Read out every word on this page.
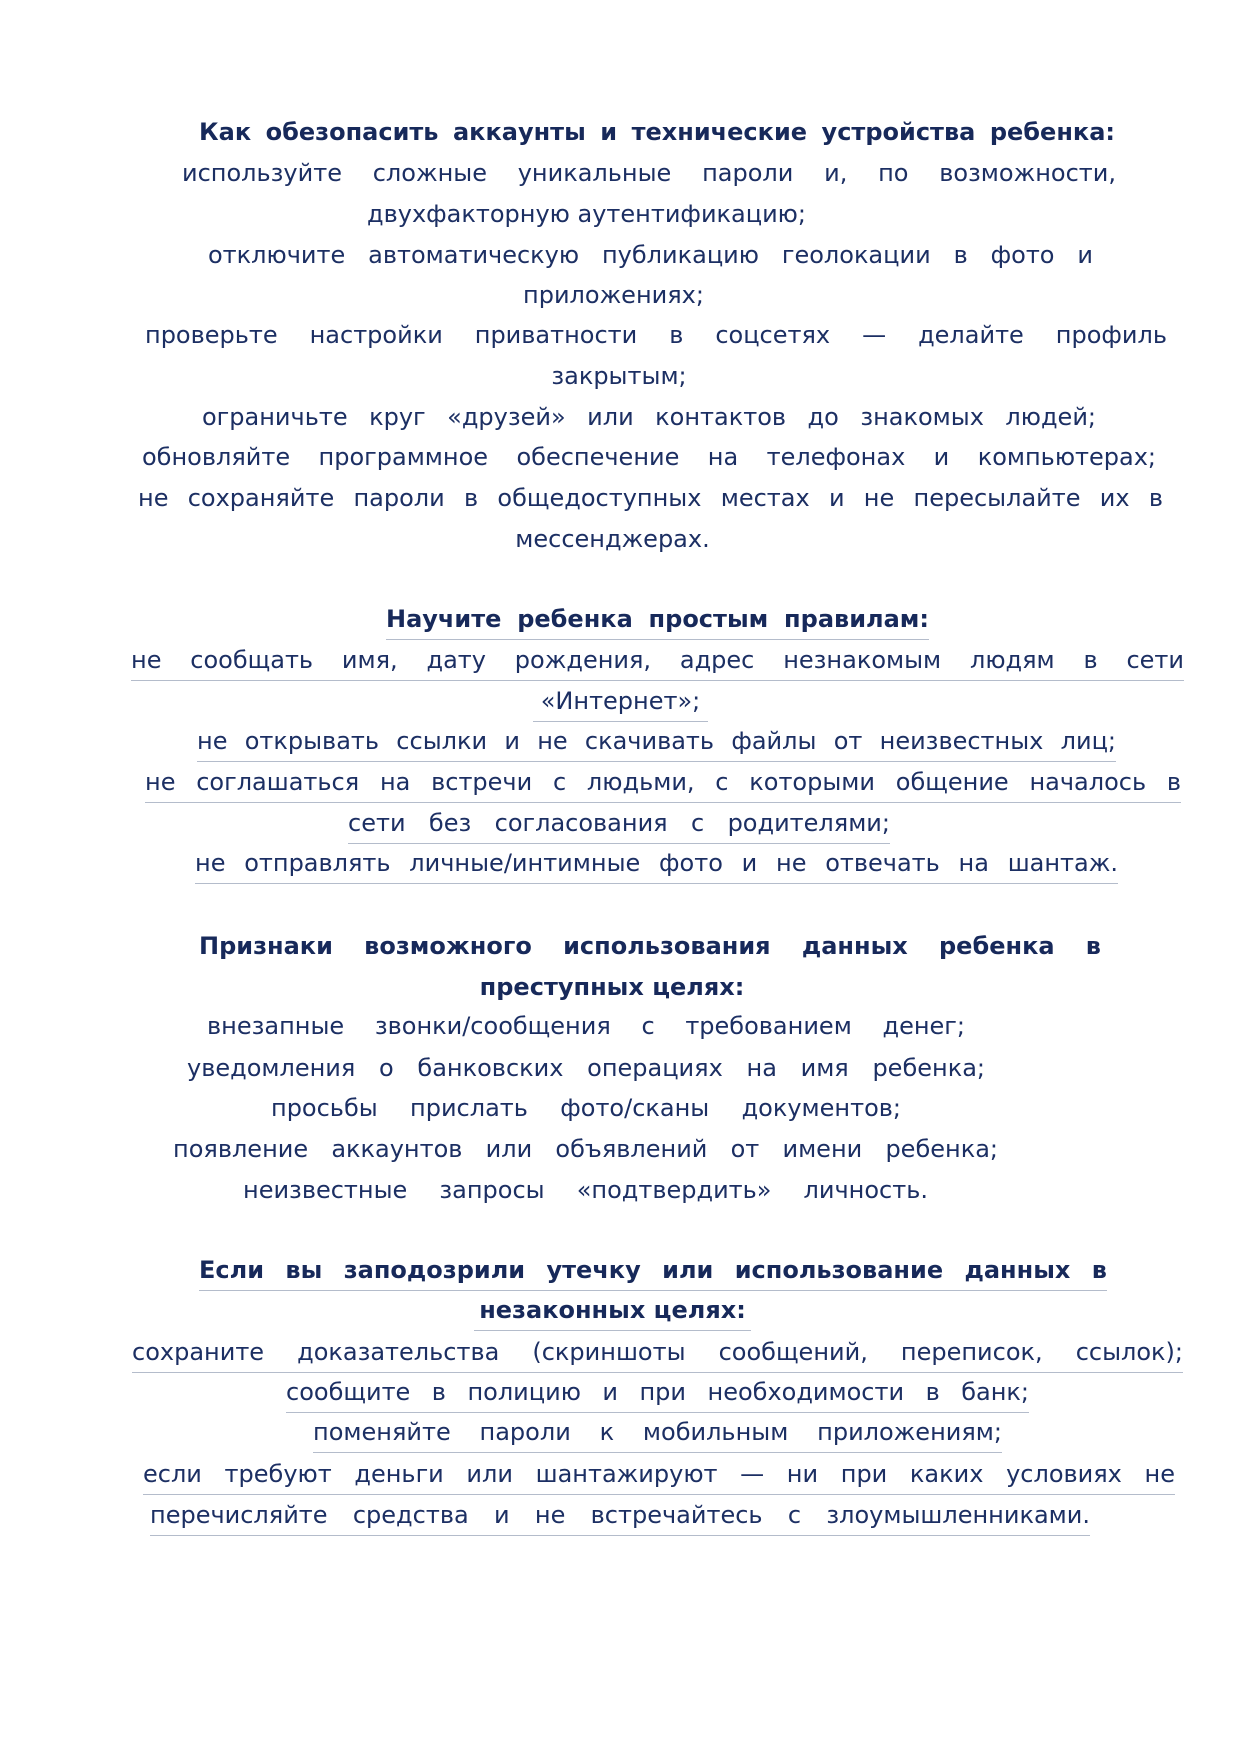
Как обезопасить аккаунты и технические устройства ребенка:
используйте сложные уникальные пароли и, по возможности,
двухфакторную аутентификацию;
отключите автоматическую публикацию геолокации в фото и
приложениях;
проверьте настройки приватности в соцсетях — делайте профиль
закрытым;
ограничьте круг «друзей» или контактов до знакомых людей;
обновляйте программное обеспечение на телефонах и компьютерах;
не сохраняйте пароли в общедоступных местах и не пересылайте их в
мессенджерах.
Научите ребенка простым правилам:
не сообщать имя, дату рождения, адрес незнакомым людям в сети
«Интернет»;
не открывать ссылки и не скачивать файлы от неизвестных лиц;
не соглашаться на встречи с людьми, с которыми общение началось в
сети без согласования с родителями;
не отправлять личные/интимные фото и не отвечать на шантаж.
Признаки возможного использования данных ребенка в
преступных целях:
внезапные звонки/сообщения с требованием денег;
уведомления о банковских операциях на имя ребенка;
просьбы прислать фото/сканы документов;
появление аккаунтов или объявлений от имени ребенка;
неизвестные запросы «подтвердить» личность.
Если вы заподозрили утечку или использование данных в
незаконных целях:
сохраните доказательства (скриншоты сообщений, переписок, ссылок);
сообщите в полицию и при необходимости в банк;
поменяйте пароли к мобильным приложениям;
если требуют деньги или шантажируют — ни при каких условиях не
перечисляйте средства и не встречайтесь с злоумышленниками.
